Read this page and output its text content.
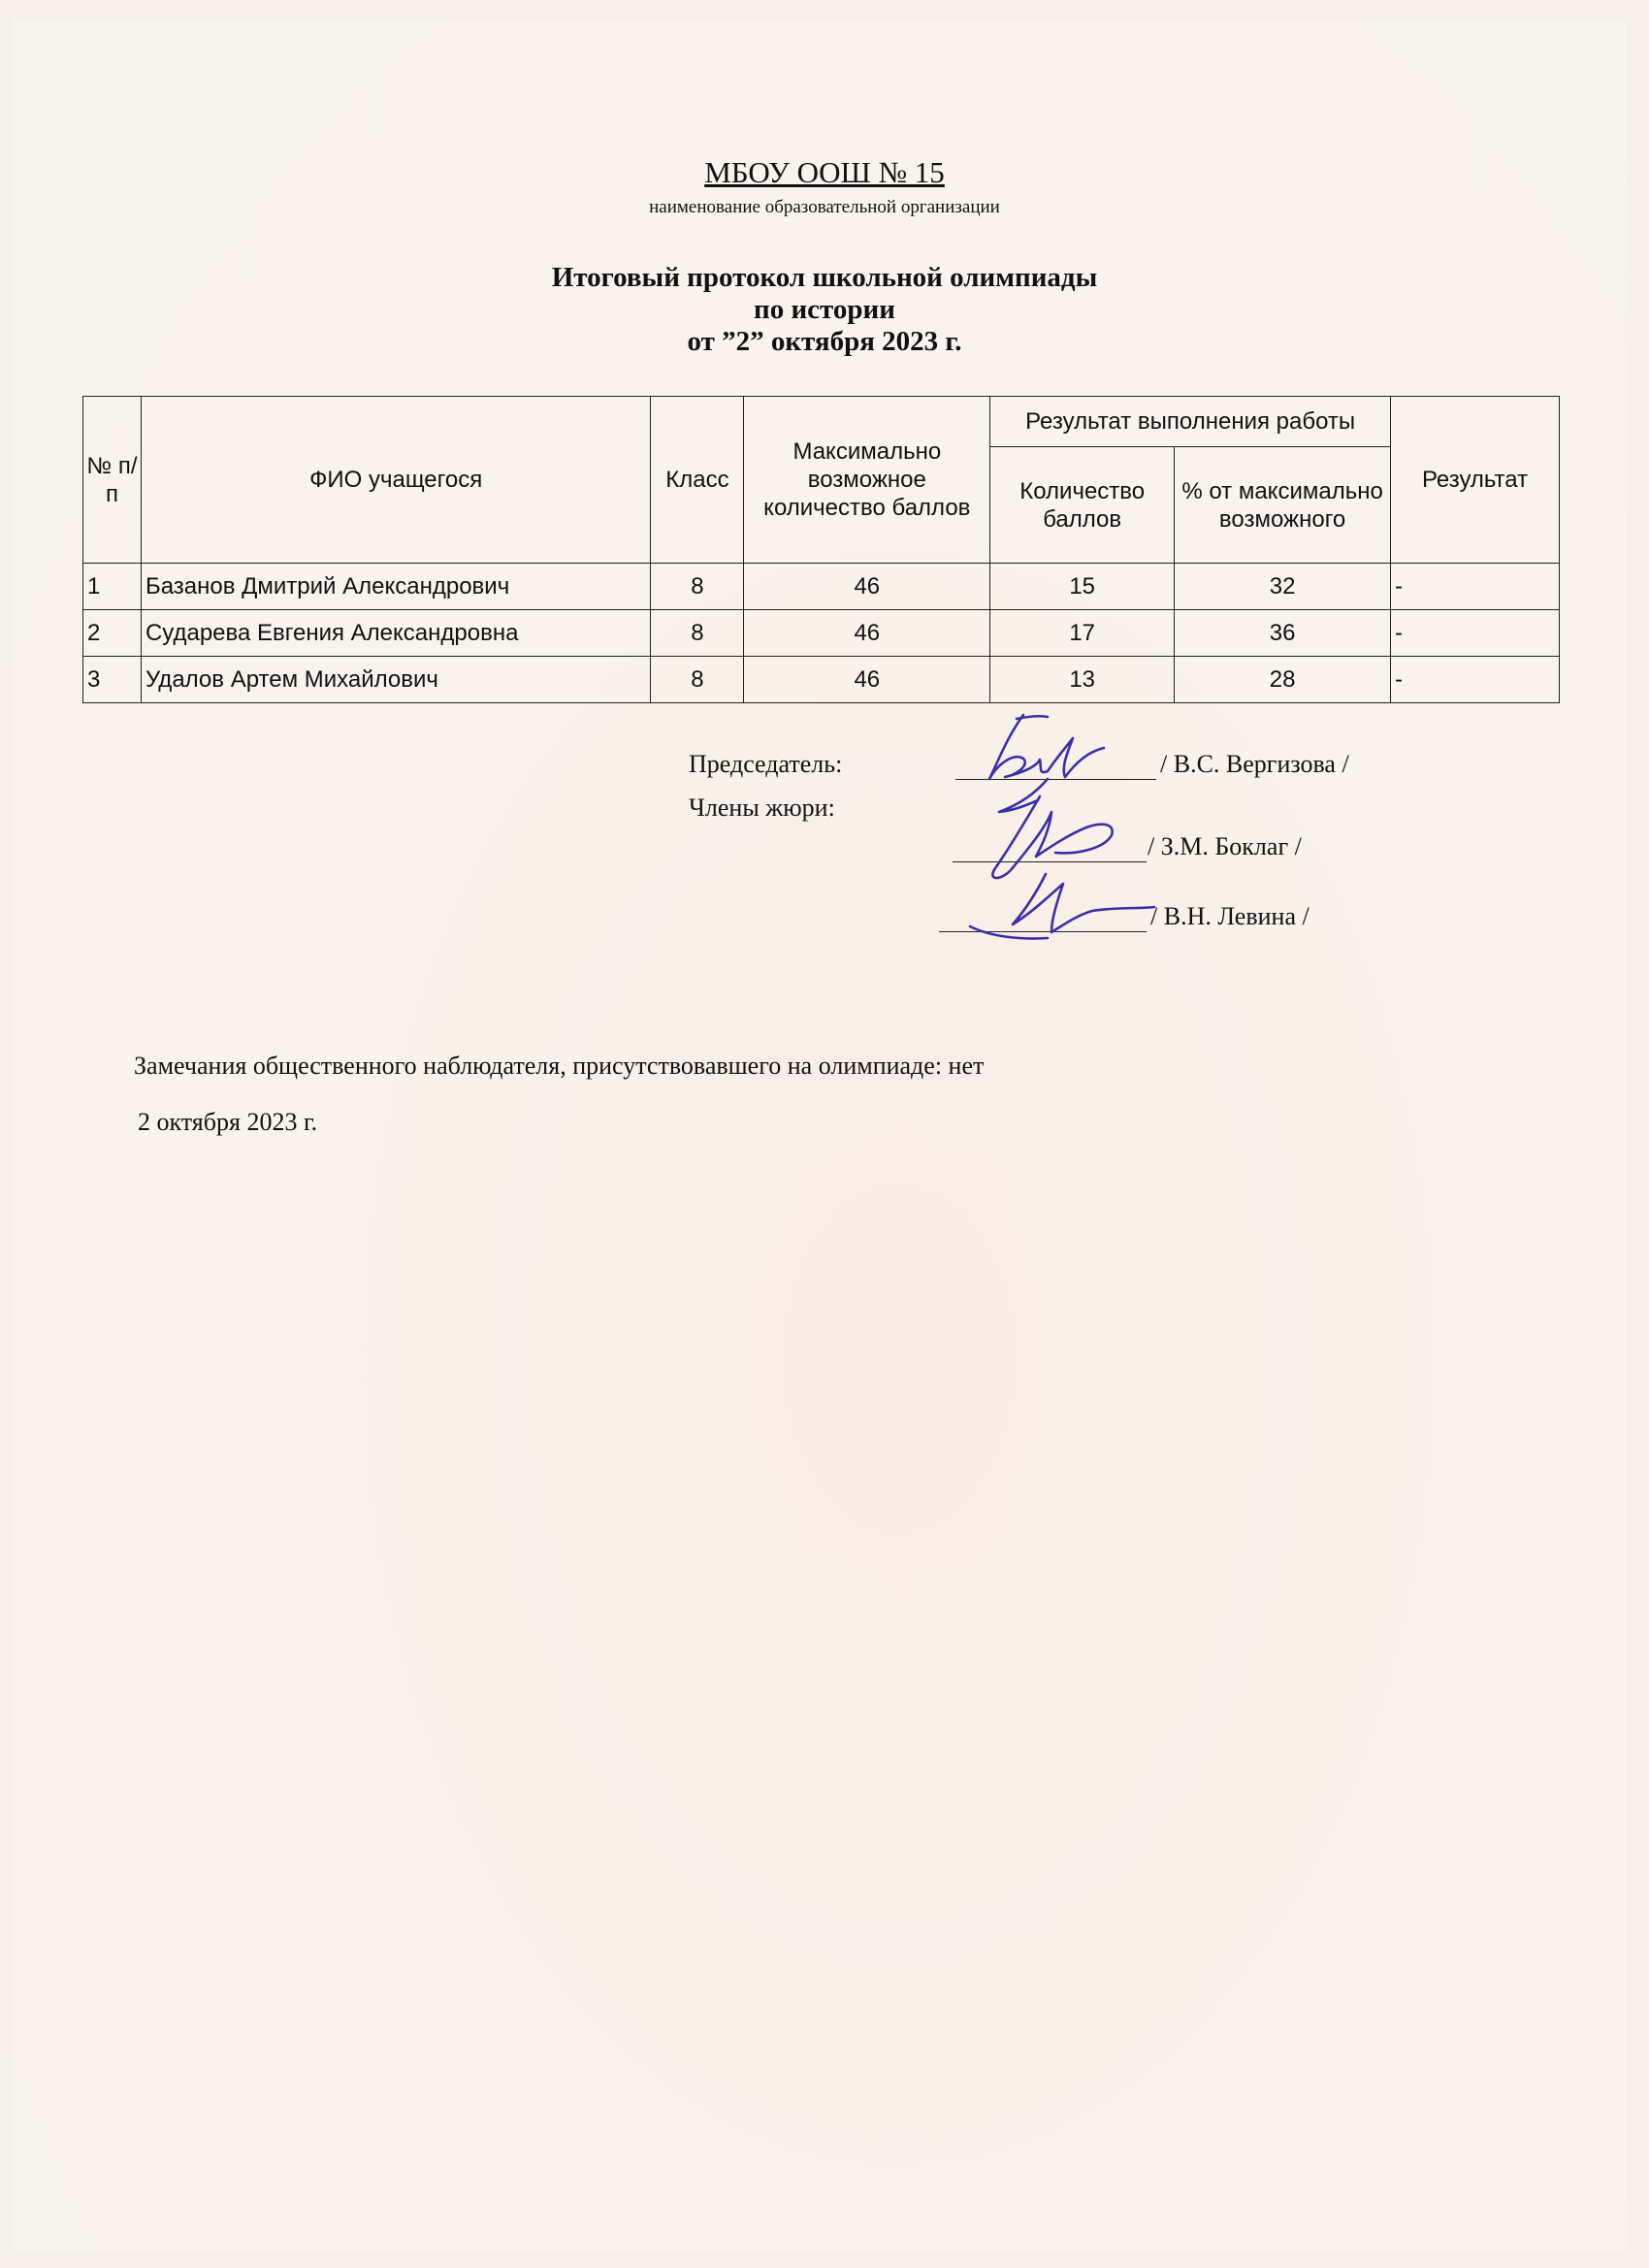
МБОУ ООШ № 15
наименование образовательной организации
Итоговый протокол школьной олимпиады
по истории
от ”2” октября 2023 г.
№ п/п	ФИО учащегося	Класс	Максимально возможное количество баллов	Результат выполнения работы		Результат
				Количество баллов	% от максимально возможного	
1	Базанов Дмитрий Александрович	8	46	15	32	-
2	Сударева Евгения Александровна	8	46	17	36	-
3	Удалов Артем Михайлович	8	46	13	28	-
Председатель:	/ В.С. Вергизова /
Члены жюри:
/ З.М. Боклаг /
/ В.Н. Левина /
Замечания общественного наблюдателя, присутствовавшего на олимпиаде: нет
2 октября 2023 г.
